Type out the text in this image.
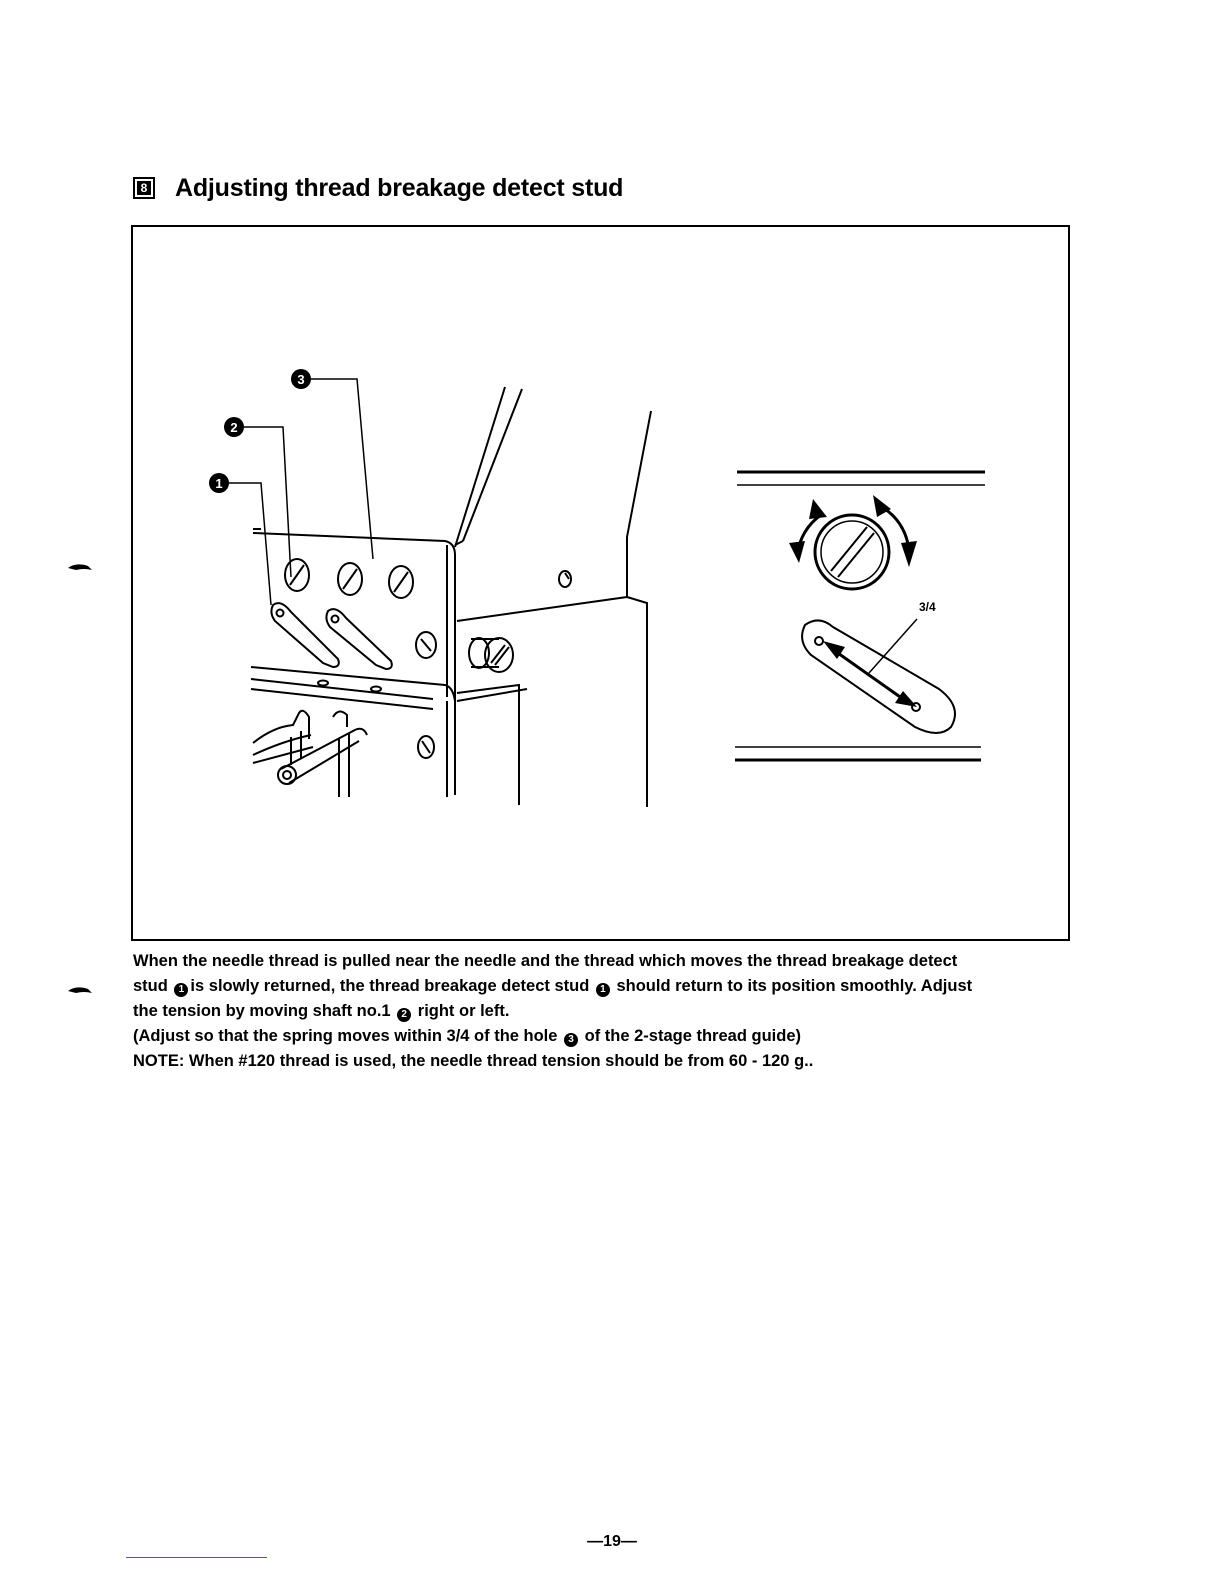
8 Adjusting thread breakage detect stud
3
2
1
3/4

When the needle thread is pulled near the needle and the thread which moves the thread breakage detect

stud 1 is slowly returned, the thread breakage detect stud 1 should return to its position smoothly. Adjust

the tension by moving shaft no.1 2 right or left.

(Adjust so that the spring moves within 3/4 of the hole 3 of the 2-stage thread guide)

NOTE: When #120 thread is used, the needle thread tension should be from 60 - 120 g..

—19—
